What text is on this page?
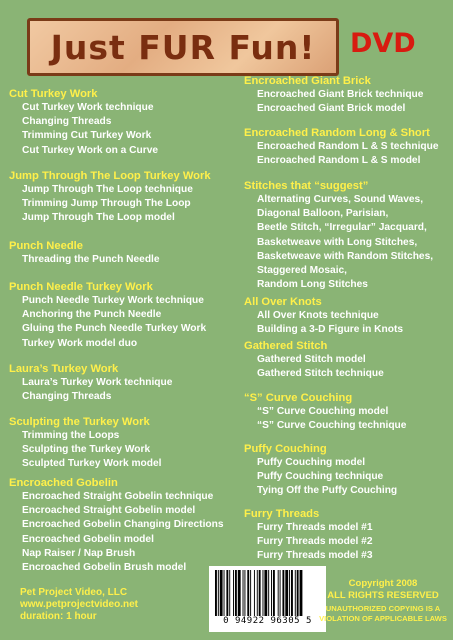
Just FUR Fun! DVD
Cut Turkey Work
Cut Turkey Work technique
Changing Threads
Trimming Cut Turkey Work
Cut Turkey Work on a Curve
Jump Through The Loop Turkey Work
Jump Through The Loop technique
Trimming Jump Through The Loop
Jump Through The Loop model
Punch Needle
Threading the Punch Needle
Punch Needle Turkey Work
Punch Needle Turkey Work technique
Anchoring the Punch Needle
Gluing the Punch Needle Turkey Work
Turkey Work model duo
Laura’s Turkey Work
Laura’s Turkey Work technique
Changing Threads
Sculpting the Turkey Work
Trimming the Loops
Sculpting the Turkey Work
Sculpted Turkey Work model
Encroached Gobelin
Encroached Straight Gobelin technique
Encroached Straight Gobelin model
Encroached Gobelin Changing Directions
Encroached Gobelin model
Nap Raiser / Nap Brush
Encroached Gobelin Brush model
Encroached Giant Brick
Encroached Giant Brick technique
Encroached Giant Brick model
Encroached Random Long & Short
Encroached Random L & S technique
Encroached Random L & S model
Stitches that “suggest”
Alternating Curves, Sound Waves,
Diagonal Balloon, Parisian,
Beetle Stitch, “Irregular” Jacquard,
Basketweave with Long Stitches,
Basketweave with Random Stitches,
Staggered Mosaic,
Random Long Stitches
All Over Knots
All Over Knots technique
Building a 3-D Figure in Knots
Gathered Stitch
Gathered Stitch model
Gathered Stitch technique
“S” Curve Couching
“S” Curve Couching model
“S” Curve Couching technique
Puffy Couching
Puffy Couching model
Puffy Couching technique
Tying Off the Puffy Couching
Furry Threads
Furry Threads model #1
Furry Threads model #2
Furry Threads model #3
Pet Project Video, LLC
www.petprojectvideo.net
duration: 1 hour	0 94922 96305 5
Copyright 2008
ALL RIGHTS RESERVED
UNAUTHORIZED COPYING IS A
VIOLATION OF APPLICABLE LAWS
